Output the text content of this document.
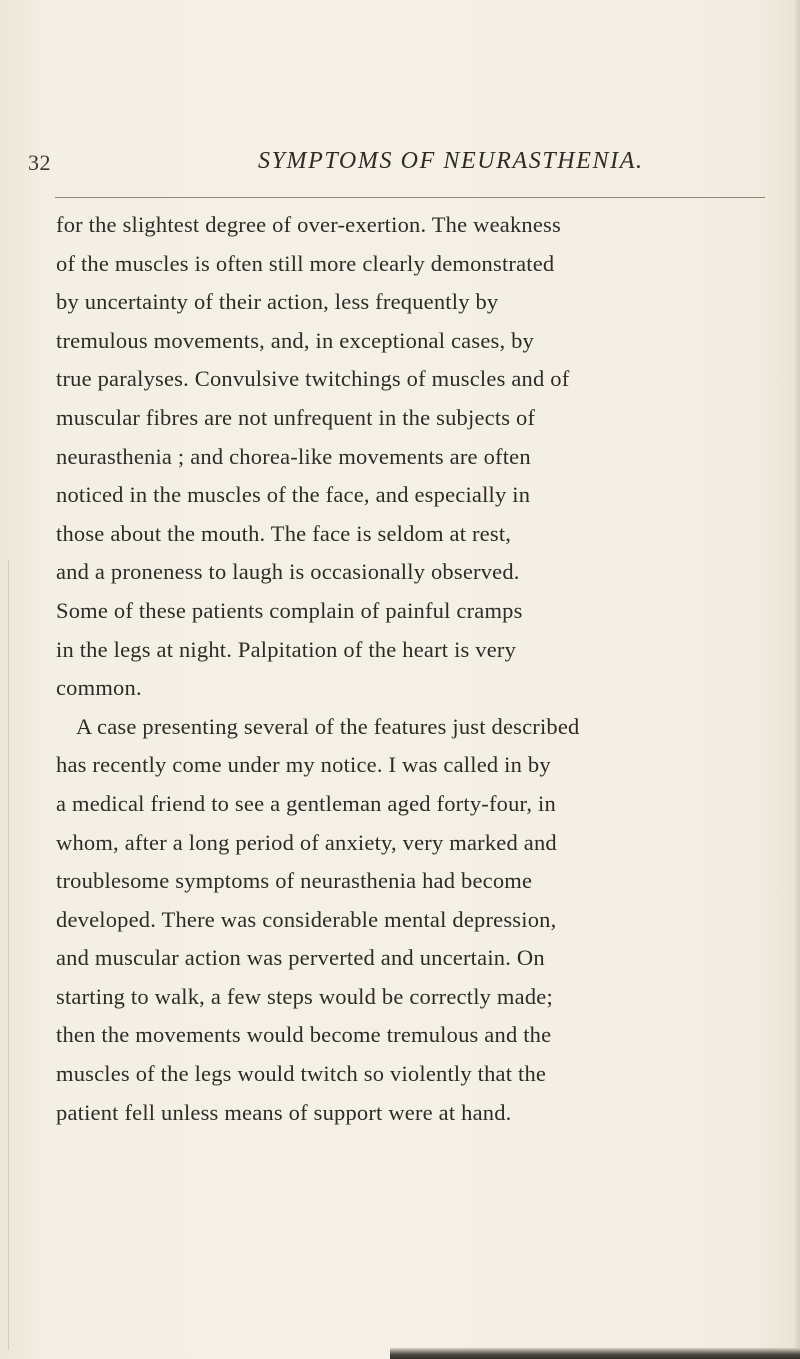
32	SYMPTOMS OF NEURASTHENIA.
for the slightest degree of over-exertion. The weakness
of the muscles is often still more clearly demonstrated
by uncertainty of their action, less frequently by
tremulous movements, and, in exceptional cases, by
true paralyses. Convulsive twitchings of muscles and of
muscular fibres are not unfrequent in the subjects of
neurasthenia ; and chorea-like movements are often
noticed in the muscles of the face, and especially in
those about the mouth. The face is seldom at rest,
and a proneness to laugh is occasionally observed.
Some of these patients complain of painful cramps
in the legs at night. Palpitation of the heart is very
common.
A case presenting several of the features just described
has recently come under my notice. I was called in by
a medical friend to see a gentleman aged forty-four, in
whom, after a long period of anxiety, very marked and
troublesome symptoms of neurasthenia had become
developed. There was considerable mental depression,
and muscular action was perverted and uncertain. On
starting to walk, a few steps would be correctly made;
then the movements would become tremulous and the
muscles of the legs would twitch so violently that the
patient fell unless means of support were at hand.
